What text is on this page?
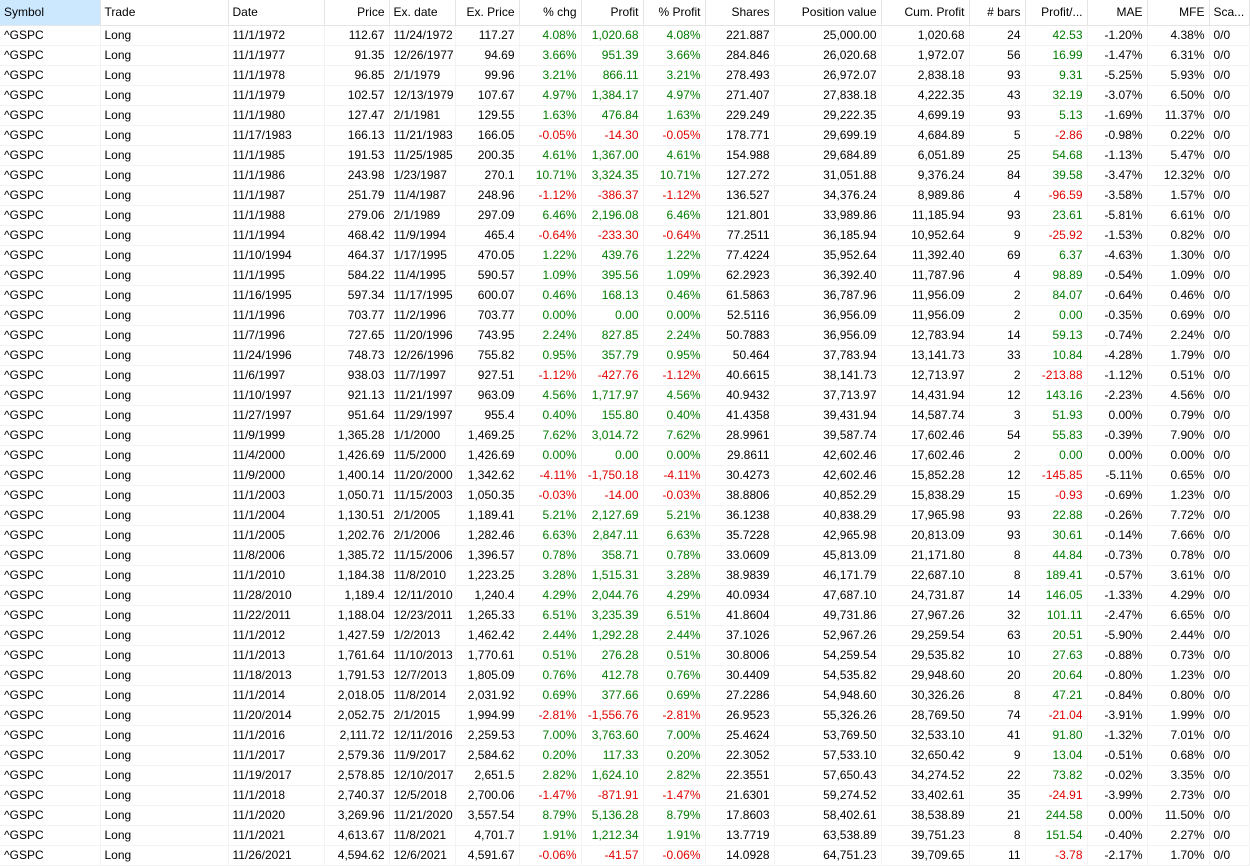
Symbol	Trade	Date	Price	Ex. date	Ex. Price	% chg	Profit	% Profit	Shares	Position value	Cum. Profit	# bars	Profit/...	MAE	MFE	Sca...
^GSPC	Long	11/1/1972	112.67	11/24/1972	117.27	4.08%	1,020.68	4.08%	221.887	25,000.00	1,020.68	24	42.53	-1.20%	4.38%	0/0
^GSPC	Long	11/1/1977	91.35	12/26/1977	94.69	3.66%	951.39	3.66%	284.846	26,020.68	1,972.07	56	16.99	-1.47%	6.31%	0/0
^GSPC	Long	11/1/1978	96.85	2/1/1979	99.96	3.21%	866.11	3.21%	278.493	26,972.07	2,838.18	93	9.31	-5.25%	5.93%	0/0
^GSPC	Long	11/1/1979	102.57	12/13/1979	107.67	4.97%	1,384.17	4.97%	271.407	27,838.18	4,222.35	43	32.19	-3.07%	6.50%	0/0
^GSPC	Long	11/1/1980	127.47	2/1/1981	129.55	1.63%	476.84	1.63%	229.249	29,222.35	4,699.19	93	5.13	-1.69%	11.37%	0/0
^GSPC	Long	11/17/1983	166.13	11/21/1983	166.05	-0.05%	-14.30	-0.05%	178.771	29,699.19	4,684.89	5	-2.86	-0.98%	0.22%	0/0
^GSPC	Long	11/1/1985	191.53	11/25/1985	200.35	4.61%	1,367.00	4.61%	154.988	29,684.89	6,051.89	25	54.68	-1.13%	5.47%	0/0
^GSPC	Long	11/1/1986	243.98	1/23/1987	270.1	10.71%	3,324.35	10.71%	127.272	31,051.88	9,376.24	84	39.58	-3.47%	12.32%	0/0
^GSPC	Long	11/1/1987	251.79	11/4/1987	248.96	-1.12%	-386.37	-1.12%	136.527	34,376.24	8,989.86	4	-96.59	-3.58%	1.57%	0/0
^GSPC	Long	11/1/1988	279.06	2/1/1989	297.09	6.46%	2,196.08	6.46%	121.801	33,989.86	11,185.94	93	23.61	-5.81%	6.61%	0/0
^GSPC	Long	11/1/1994	468.42	11/9/1994	465.4	-0.64%	-233.30	-0.64%	77.2511	36,185.94	10,952.64	9	-25.92	-1.53%	0.82%	0/0
^GSPC	Long	11/10/1994	464.37	1/17/1995	470.05	1.22%	439.76	1.22%	77.4224	35,952.64	11,392.40	69	6.37	-4.63%	1.30%	0/0
^GSPC	Long	11/1/1995	584.22	11/4/1995	590.57	1.09%	395.56	1.09%	62.2923	36,392.40	11,787.96	4	98.89	-0.54%	1.09%	0/0
^GSPC	Long	11/16/1995	597.34	11/17/1995	600.07	0.46%	168.13	0.46%	61.5863	36,787.96	11,956.09	2	84.07	-0.64%	0.46%	0/0
^GSPC	Long	11/1/1996	703.77	11/2/1996	703.77	0.00%	0.00	0.00%	52.5116	36,956.09	11,956.09	2	0.00	-0.35%	0.69%	0/0
^GSPC	Long	11/7/1996	727.65	11/20/1996	743.95	2.24%	827.85	2.24%	50.7883	36,956.09	12,783.94	14	59.13	-0.74%	2.24%	0/0
^GSPC	Long	11/24/1996	748.73	12/26/1996	755.82	0.95%	357.79	0.95%	50.464	37,783.94	13,141.73	33	10.84	-4.28%	1.79%	0/0
^GSPC	Long	11/6/1997	938.03	11/7/1997	927.51	-1.12%	-427.76	-1.12%	40.6615	38,141.73	12,713.97	2	-213.88	-1.12%	0.51%	0/0
^GSPC	Long	11/10/1997	921.13	11/21/1997	963.09	4.56%	1,717.97	4.56%	40.9432	37,713.97	14,431.94	12	143.16	-2.23%	4.56%	0/0
^GSPC	Long	11/27/1997	951.64	11/29/1997	955.4	0.40%	155.80	0.40%	41.4358	39,431.94	14,587.74	3	51.93	0.00%	0.79%	0/0
^GSPC	Long	11/9/1999	1,365.28	1/1/2000	1,469.25	7.62%	3,014.72	7.62%	28.9961	39,587.74	17,602.46	54	55.83	-0.39%	7.90%	0/0
^GSPC	Long	11/4/2000	1,426.69	11/5/2000	1,426.69	0.00%	0.00	0.00%	29.8611	42,602.46	17,602.46	2	0.00	0.00%	0.00%	0/0
^GSPC	Long	11/9/2000	1,400.14	11/20/2000	1,342.62	-4.11%	-1,750.18	-4.11%	30.4273	42,602.46	15,852.28	12	-145.85	-5.11%	0.65%	0/0
^GSPC	Long	11/1/2003	1,050.71	11/15/2003	1,050.35	-0.03%	-14.00	-0.03%	38.8806	40,852.29	15,838.29	15	-0.93	-0.69%	1.23%	0/0
^GSPC	Long	11/1/2004	1,130.51	2/1/2005	1,189.41	5.21%	2,127.69	5.21%	36.1238	40,838.29	17,965.98	93	22.88	-0.26%	7.72%	0/0
^GSPC	Long	11/1/2005	1,202.76	2/1/2006	1,282.46	6.63%	2,847.11	6.63%	35.7228	42,965.98	20,813.09	93	30.61	-0.14%	7.66%	0/0
^GSPC	Long	11/8/2006	1,385.72	11/15/2006	1,396.57	0.78%	358.71	0.78%	33.0609	45,813.09	21,171.80	8	44.84	-0.73%	0.78%	0/0
^GSPC	Long	11/1/2010	1,184.38	11/8/2010	1,223.25	3.28%	1,515.31	3.28%	38.9839	46,171.79	22,687.10	8	189.41	-0.57%	3.61%	0/0
^GSPC	Long	11/28/2010	1,189.4	12/11/2010	1,240.4	4.29%	2,044.76	4.29%	40.0934	47,687.10	24,731.87	14	146.05	-1.33%	4.29%	0/0
^GSPC	Long	11/22/2011	1,188.04	12/23/2011	1,265.33	6.51%	3,235.39	6.51%	41.8604	49,731.86	27,967.26	32	101.11	-2.47%	6.65%	0/0
^GSPC	Long	11/1/2012	1,427.59	1/2/2013	1,462.42	2.44%	1,292.28	2.44%	37.1026	52,967.26	29,259.54	63	20.51	-5.90%	2.44%	0/0
^GSPC	Long	11/1/2013	1,761.64	11/10/2013	1,770.61	0.51%	276.28	0.51%	30.8006	54,259.54	29,535.82	10	27.63	-0.88%	0.73%	0/0
^GSPC	Long	11/18/2013	1,791.53	12/7/2013	1,805.09	0.76%	412.78	0.76%	30.4409	54,535.82	29,948.60	20	20.64	-0.80%	1.23%	0/0
^GSPC	Long	11/1/2014	2,018.05	11/8/2014	2,031.92	0.69%	377.66	0.69%	27.2286	54,948.60	30,326.26	8	47.21	-0.84%	0.80%	0/0
^GSPC	Long	11/20/2014	2,052.75	2/1/2015	1,994.99	-2.81%	-1,556.76	-2.81%	26.9523	55,326.26	28,769.50	74	-21.04	-3.91%	1.99%	0/0
^GSPC	Long	11/1/2016	2,111.72	12/11/2016	2,259.53	7.00%	3,763.60	7.00%	25.4624	53,769.50	32,533.10	41	91.80	-1.32%	7.01%	0/0
^GSPC	Long	11/1/2017	2,579.36	11/9/2017	2,584.62	0.20%	117.33	0.20%	22.3052	57,533.10	32,650.42	9	13.04	-0.51%	0.68%	0/0
^GSPC	Long	11/19/2017	2,578.85	12/10/2017	2,651.5	2.82%	1,624.10	2.82%	22.3551	57,650.43	34,274.52	22	73.82	-0.02%	3.35%	0/0
^GSPC	Long	11/1/2018	2,740.37	12/5/2018	2,700.06	-1.47%	-871.91	-1.47%	21.6301	59,274.52	33,402.61	35	-24.91	-3.99%	2.73%	0/0
^GSPC	Long	11/1/2020	3,269.96	11/21/2020	3,557.54	8.79%	5,136.28	8.79%	17.8603	58,402.61	38,538.89	21	244.58	0.00%	11.50%	0/0
^GSPC	Long	11/1/2021	4,613.67	11/8/2021	4,701.7	1.91%	1,212.34	1.91%	13.7719	63,538.89	39,751.23	8	151.54	-0.40%	2.27%	0/0
^GSPC	Long	11/26/2021	4,594.62	12/6/2021	4,591.67	-0.06%	-41.57	-0.06%	14.0928	64,751.23	39,709.65	11	-3.78	-2.17%	1.70%	0/0
